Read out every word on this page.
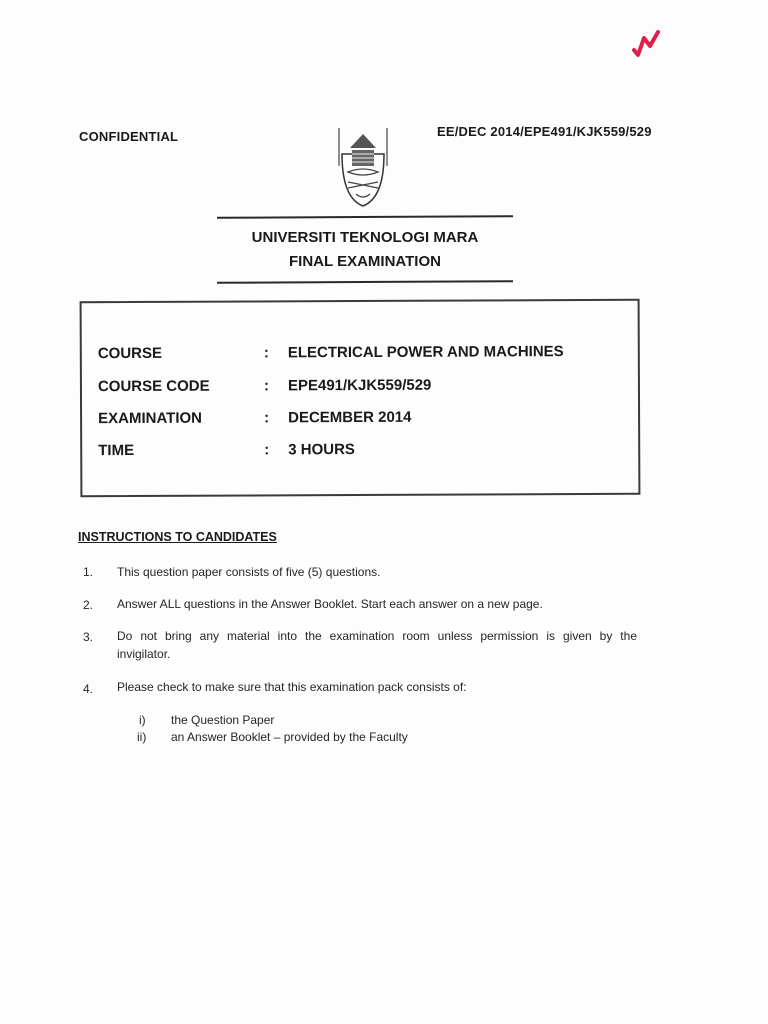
CONFIDENTIAL	EE/DEC 2014/EPE491/KJK559/529
UNIVERSITI TEKNOLOGI MARA
FINAL EXAMINATION
COURSE	:	ELECTRICAL POWER AND MACHINES
COURSE CODE	:	EPE491/KJK559/529
EXAMINATION	:	DECEMBER 2014
TIME	:	3 HOURS
INSTRUCTIONS TO CANDIDATES
1.	This question paper consists of five (5) questions.
2.	Answer ALL questions in the Answer Booklet. Start each answer on a new page.
3.	Do not bring any material into the examination room unless permission is given by the
invigilator.
4.	Please check to make sure that this examination pack consists of:
i) the Question Paper
ii) an Answer Booklet – provided by the Faculty
